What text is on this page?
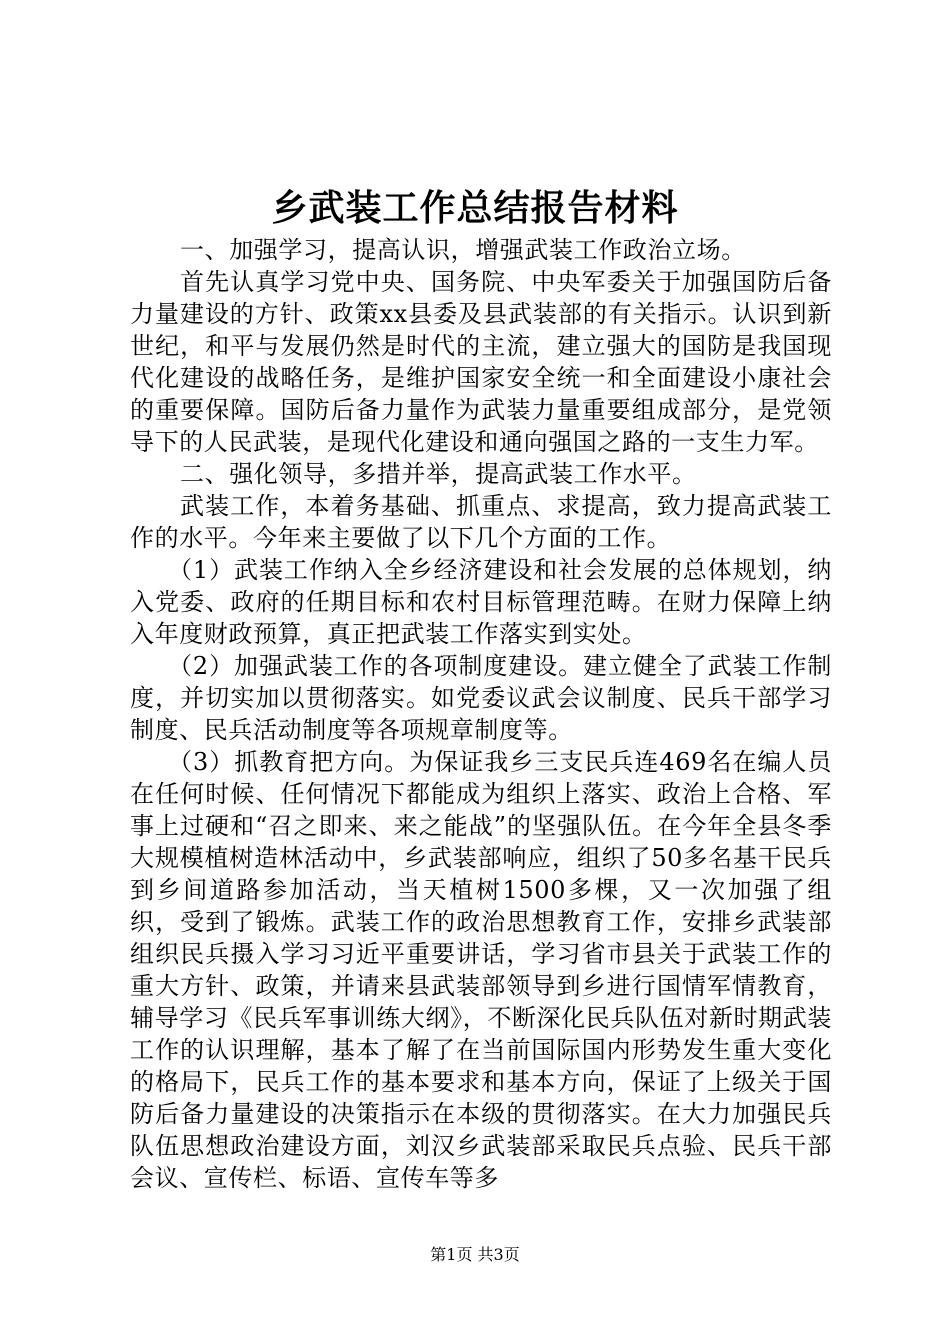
乡武装工作总结报告材料

一、加强学习，提高认识，增强武装工作政治立场。

首先认真学习党中央、国务院、中央军委关于加强国防后备力量建设的方针、政策xx县委及县武装部的有关指示。认识到新世纪，和平与发展仍然是时代的主流，建立强大的国防是我国现代化建设的战略任务，是维护国家安全统一和全面建设小康社会的重要保障。国防后备力量作为武装力量重要组成部分，是党领导下的人民武装，是现代化建设和通向强国之路的一支生力军。

二、强化领导，多措并举，提高武装工作水平。

武装工作，本着务基础、抓重点、求提高，致力提高武装工作的水平。今年来主要做了以下几个方面的工作。

（1）武装工作纳入全乡经济建设和社会发展的总体规划，纳入党委、政府的任期目标和农村目标管理范畴。在财力保障上纳入年度财政预算，真正把武装工作落实到实处。

（2）加强武装工作的各项制度建设。建立健全了武装工作制度，并切实加以贯彻落实。如党委议武会议制度、民兵干部学习制度、民兵活动制度等各项规章制度等。

（3）抓教育把方向。为保证我乡三支民兵连469名在编人员在任何时候、任何情况下都能成为组织上落实、政治上合格、军事上过硬和“召之即来、来之能战”的坚强队伍。在今年全县冬季大规模植树造林活动中，乡武装部响应，组织了50多名基干民兵到乡间道路参加活动，当天植树1500多棵，又一次加强了组织，受到了锻炼。武装工作的政治思想教育工作，安排乡武装部组织民兵摄入学习习近平重要讲话，学习省市县关于武装工作的重大方针、政策，并请来县武装部领导到乡进行国情军情教育，辅导学习《民兵军事训练大纲》，不断深化民兵队伍对新时期武装工作的认识理解，基本了解了在当前国际国内形势发生重大变化的格局下，民兵工作的基本要求和基本方向，保证了上级关于国防后备力量建设的决策指示在本级的贯彻落实。在大力加强民兵队伍思想政治建设方面，刘汉乡武装部采取民兵点验、民兵干部会议、宣传栏、标语、宣传车等多

第1页 共3页
